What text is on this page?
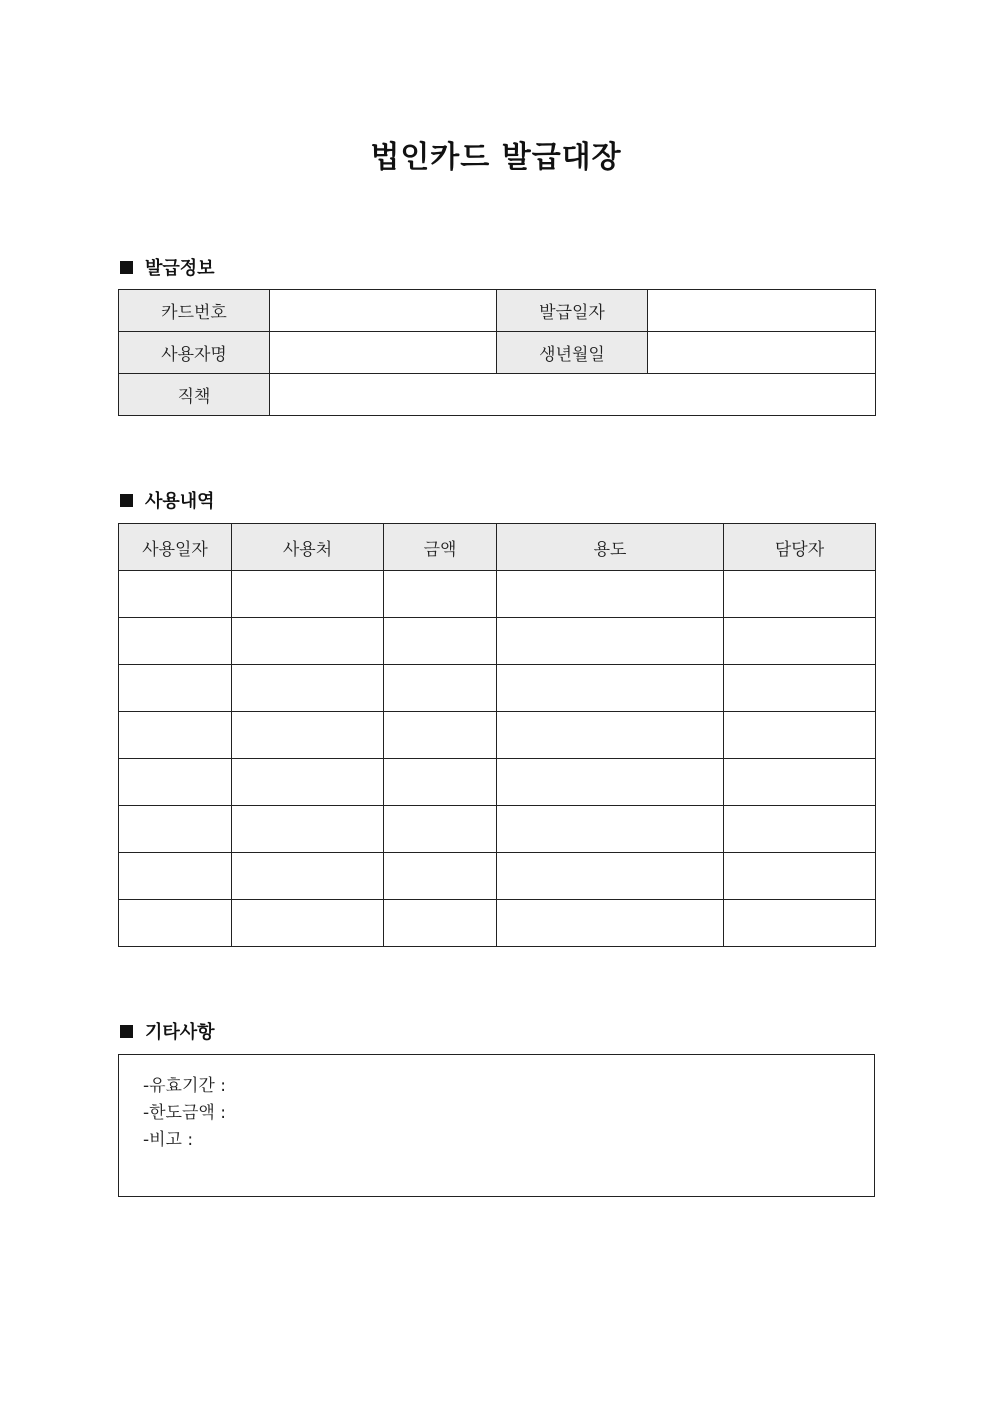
법인카드 발급대장
발급정보
카드번호		발급일자	
사용자명		생년월일	
직책			
사용내역
사용일자	사용처	금액	용도	담당자

기타사항
-유효기간 :
-한도금액 :
-비고 :
